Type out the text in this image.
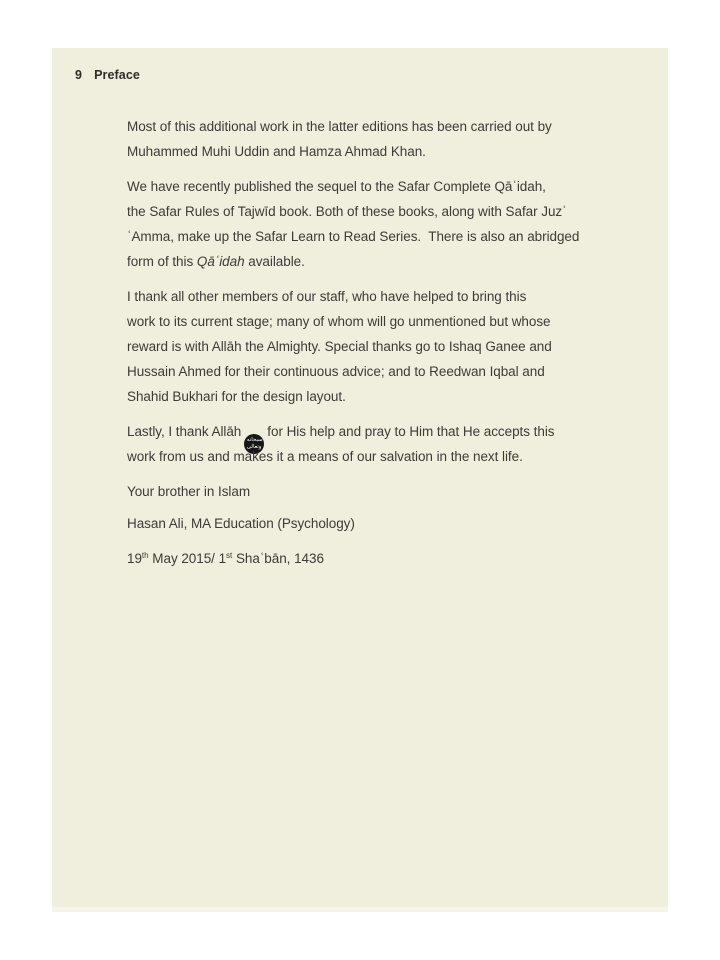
9 Preface
Most of this additional work in the latter editions has been carried out by
Muhammed Muhi Uddin and Hamza Ahmad Khan.
We have recently published the sequel to the Safar Complete Qāʿidah,
the Safar Rules of Tajwīd book. Both of these books, along with Safar Juzʾ
ʿAmma, make up the Safar Learn to Read Series.  There is also an abridged
form of this Qāʿidah available.
I thank all other members of our staff, who have helped to bring this
work to its current stage; many of whom will go unmentioned but whose
reward is with Allāh the Almighty. Special thanks go to Ishaq Ganee and
Hussain Ahmed for their continuous advice; and to Reedwan Iqbal and
Shahid Bukhari for the design layout.
Lastly, I thank Allāh
سبحانه
وتعالى
for His help and pray to Him that He accepts this
work from us and makes it a means of our salvation in the next life.
Your brother in Islam
Hasan Ali, MA Education (Psychology)
19th May 2015/ 1st Shaʿbān, 1436
